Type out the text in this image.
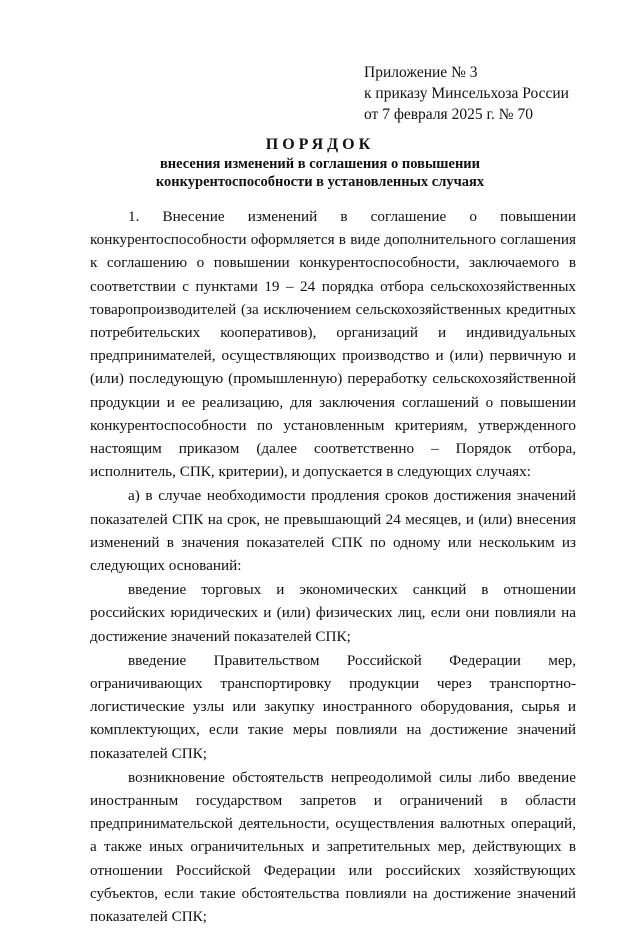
Приложение № 3
к приказу Минсельхоза России
от 7 февраля 2025 г. № 70
ПОРЯДОК
внесения изменений в соглашения о повышении
конкурентоспособности в установленных случаях

1. Внесение изменений в соглашение о повышении конкурентоспособности оформляется в виде дополнительного соглашения к соглашению о повышении конкурентоспособности, заключаемого в соответствии с пунктами 19 – 24 порядка отбора сельскохозяйственных товаропроизводителей (за исключением сельскохозяйственных кредитных потребительских кооперативов), организаций и индивидуальных предпринимателей, осуществляющих производство и (или) первичную и (или) последующую (промышленную) переработку сельскохозяйственной продукции и ее реализацию, для заключения соглашений о повышении конкурентоспособности по установленным критериям, утвержденного настоящим приказом (далее соответственно – Порядок отбора, исполнитель, СПК, критерии), и допускается в следующих случаях:

а) в случае необходимости продления сроков достижения значений показателей СПК на срок, не превышающий 24 месяцев, и (или) внесения изменений в значения показателей СПК по одному или нескольким из следующих оснований:

введение торговых и экономических санкций в отношении российских юридических и (или) физических лиц, если они повлияли на достижение значений показателей СПК;

введение Правительством Российской Федерации мер, ограничивающих транспортировку продукции через транспортно-логистические узлы или закупку иностранного оборудования, сырья и комплектующих, если такие меры повлияли на достижение значений показателей СПК;

возникновение обстоятельств непреодолимой силы либо введение иностранным государством запретов и ограничений в области предпринимательской деятельности, осуществления валютных операций, а также иных ограничительных и запретительных мер, действующих в отношении Российской Федерации или российских хозяйствующих субъектов, если такие обстоятельства повлияли на достижение значений показателей СПК;
